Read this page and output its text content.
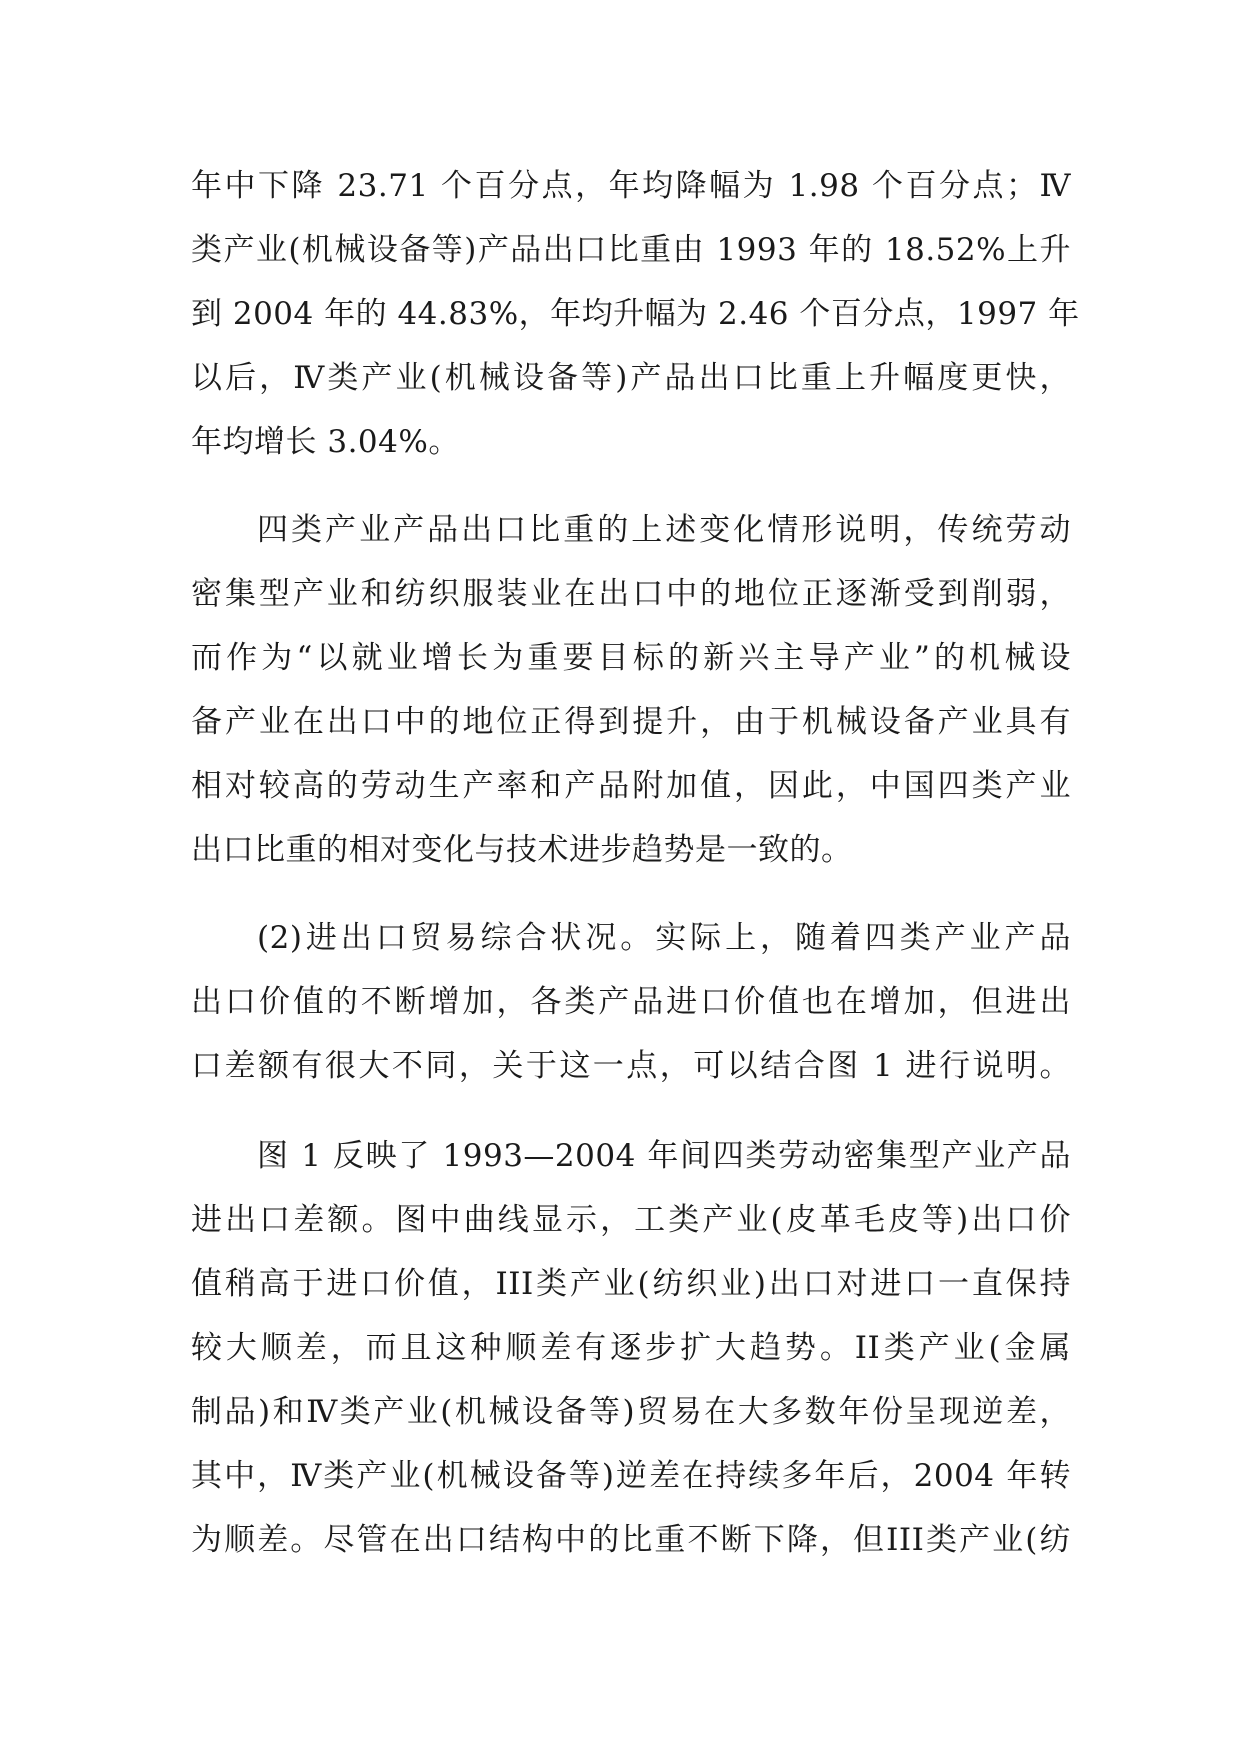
年中下降 23.71 个百分点，年均降幅为 1.98 个百分点；Ⅳ
类产业(机械设备等)产品出口比重由 1993 年的 18.52%上升
到 2004 年的 44.83%，年均升幅为 2.46 个百分点，1997 年
以后，Ⅳ类产业(机械设备等)产品出口比重上升幅度更快，
年均增长 3.04%。
四类产业产品出口比重的上述变化情形说明，传统劳动
密集型产业和纺织服装业在出口中的地位正逐渐受到削弱，
而作为“以就业增长为重要目标的新兴主导产业”的机械设
备产业在出口中的地位正得到提升，由于机械设备产业具有
相对较高的劳动生产率和产品附加值，因此，中国四类产业
出口比重的相对变化与技术进步趋势是一致的。
(2)进出口贸易综合状况。实际上，随着四类产业产品
出口价值的不断增加，各类产品进口价值也在增加，但进出
口差额有很大不同，关于这一点，可以结合图 1 进行说明。
图 1 反映了 1993—2004 年间四类劳动密集型产业产品
进出口差额。图中曲线显示，工类产业(皮革毛皮等)出口价
值稍高于进口价值，III类产业(纺织业)出口对进口一直保持
较大顺差，而且这种顺差有逐步扩大趋势。II类产业(金属
制品)和Ⅳ类产业(机械设备等)贸易在大多数年份呈现逆差，
其中，Ⅳ类产业(机械设备等)逆差在持续多年后，2004 年转
为顺差。尽管在出口结构中的比重不断下降，但III类产业(纺
